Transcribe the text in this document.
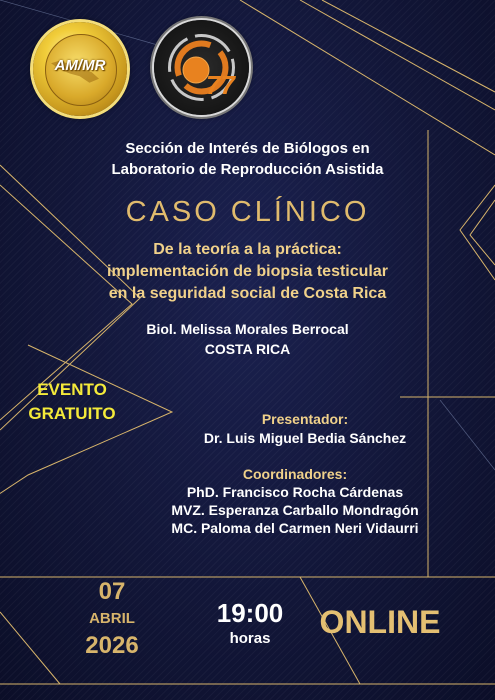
AM/MR
77
Sección de Interés de Biólogos en
Laboratorio de Reproducción Asistida
CASO CLÍNICO
De la teoría a la práctica:
implementación de biopsia testicular
en la seguridad social de Costa Rica
Biol. Melissa Morales Berrocal
COSTA RICA
EVENTO
GRATUITO	Presentador:
Dr. Luis Miguel Bedia Sánchez
Coordinadores:
PhD. Francisco Rocha Cárdenas
MVZ. Esperanza Carballo Mondragón
MC. Paloma del Carmen Neri Vidaurri
07
ABRIL
2026
19:00
horas	ONLINE
